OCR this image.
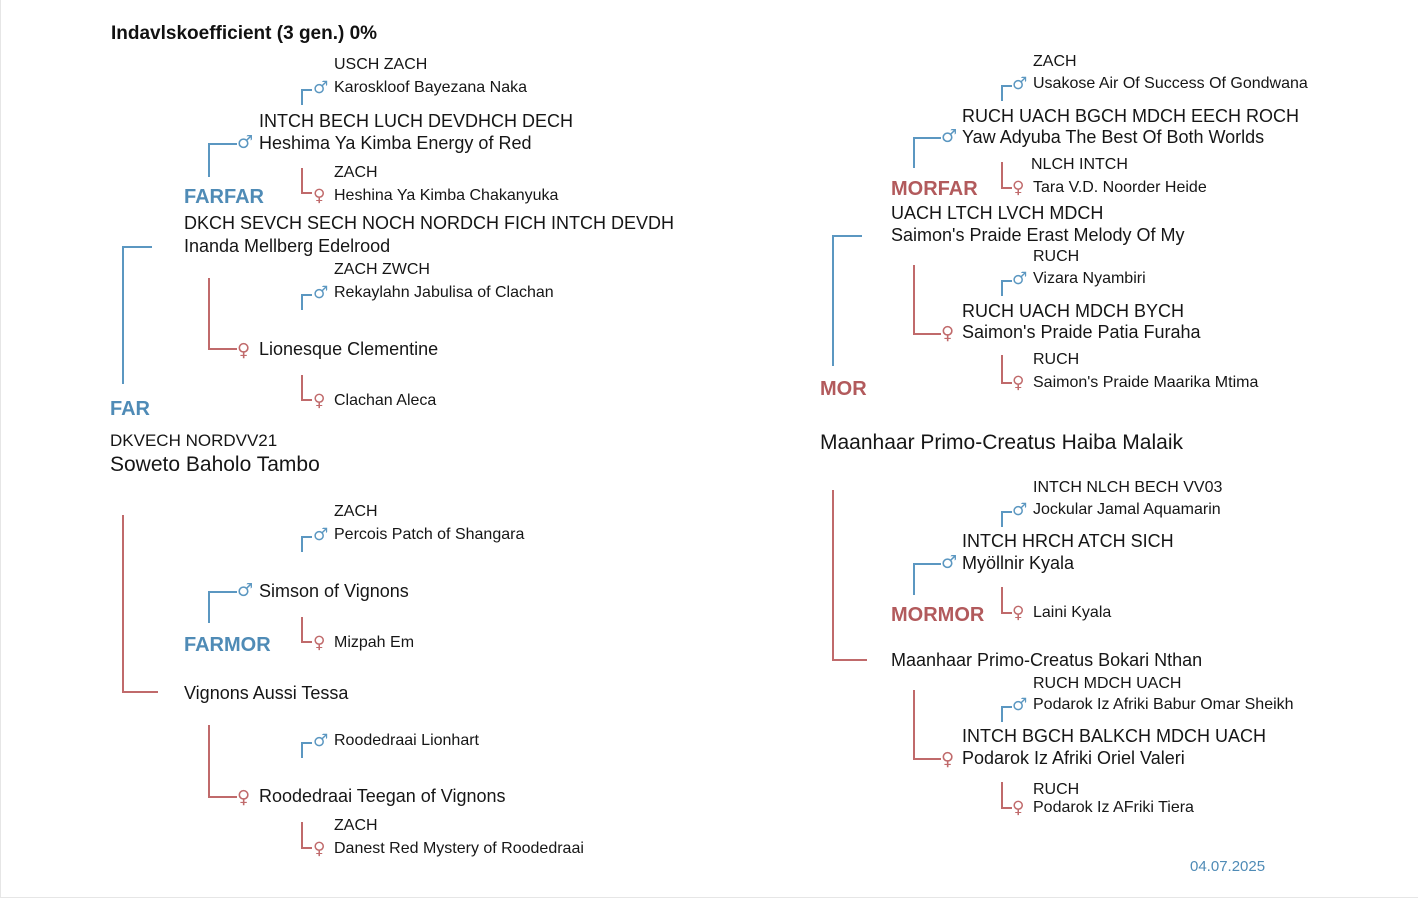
Indavlskoefficient (3 gen.) 0%
USCH ZACH
♂ Karoskloof Bayezana Naka
INTCH BECH LUCH DEVDHCH DECH
♂ Heshima Ya Kimba Energy of Red
ZACH
♀ Heshina Ya Kimba Chakanyuka
FARFAR
DKCH SEVCH SECH NOCH NORDCH FICH INTCH DEVDH
Inanda Mellberg Edelrood
ZACH ZWCH
♂ Rekaylahn Jabulisa of Clachan
♀ Lionesque Clementine
♀ Clachan Aleca
FAR
DKVECH NORDVV21
Soweto Baholo Tambo
ZACH
♂ Percois Patch of Shangara
♂ Simson of Vignons
♀ Mizpah Em
FARMOR
Vignons Aussi Tessa
♂ Roodedraai Lionhart
♀ Roodedraai Teegan of Vignons
ZACH
♀ Danest Red Mystery of Roodedraai
ZACH
♂ Usakose Air Of Success Of Gondwana
RUCH UACH BGCH MDCH EECH ROCH
♂ Yaw Adyuba The Best Of Both Worlds
NLCH INTCH
♀ Tara V.D. Noorder Heide
MORFAR
UACH LTCH LVCH MDCH
Saimon's Praide Erast Melody Of My
RUCH
♂ Vizara Nyambiri
RUCH UACH MDCH BYCH
♀ Saimon's Praide Patia Furaha
RUCH
♀ Saimon's Praide Maarika Mtima
MOR
Maanhaar Primo-Creatus Haiba Malaik
INTCH NLCH BECH VV03
♂ Jockular Jamal Aquamarin
INTCH HRCH ATCH SICH
♂ Myöllnir Kyala
♀ Laini Kyala
MORMOR
Maanhaar Primo-Creatus Bokari Nthan
RUCH MDCH UACH
♂ Podarok Iz Afriki Babur Omar Sheikh
INTCH BGCH BALKCH MDCH UACH
♀ Podarok Iz Afriki Oriel Valeri
RUCH
♀ Podarok Iz AFriki Tiera
04.07.2025
